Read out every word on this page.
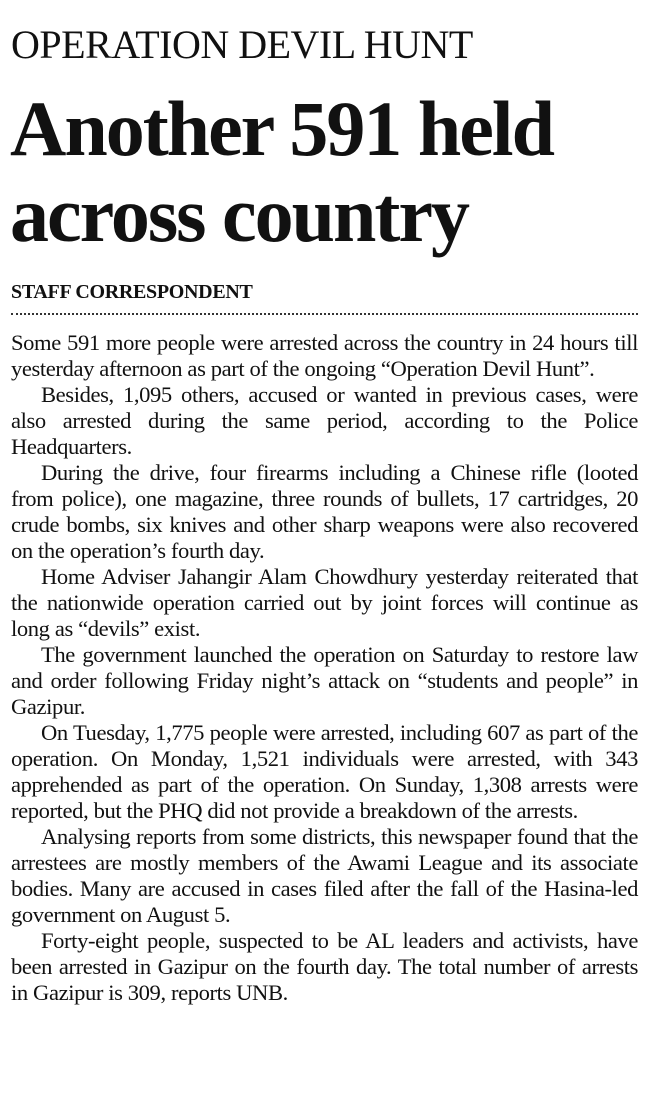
OPERATION DEVIL HUNT
Another 591 held
across country
STAFF CORRESPONDENT

Some 591 more people were arrested across the country in 24 hours till yesterday afternoon as part of the ongoing “Operation Devil Hunt”.

Besides, 1,095 others, accused or wanted in previous cases, were also arrested during the same period, according to the Police Headquarters.

During the drive, four firearms including a Chinese rifle (looted from police), one magazine, three rounds of bullets, 17 cartridges, 20 crude bombs, six knives and other sharp weapons were also recovered on the operation’s fourth day.

Home Adviser Jahangir Alam Chowdhury yesterday reiterated that the nationwide operation carried out by joint forces will continue as long as “devils” exist.

The government launched the operation on Saturday to restore law and order following Friday night’s attack on “students and people” in Gazipur.

On Tuesday, 1,775 people were arrested, including 607 as part of the operation. On Monday, 1,521 individuals were arrested, with 343 apprehended as part of the operation. On Sunday, 1,308 arrests were reported, but the PHQ did not provide a breakdown of the arrests.

Analysing reports from some districts, this newspaper found that the arrestees are mostly members of the Awami League and its associate bodies. Many are accused in cases filed after the fall of the Hasina-led government on August 5.

Forty-eight people, suspected to be AL leaders and activists, have been arrested in Gazipur on the fourth day. The total number of arrests in Gazipur is 309, reports UNB.
